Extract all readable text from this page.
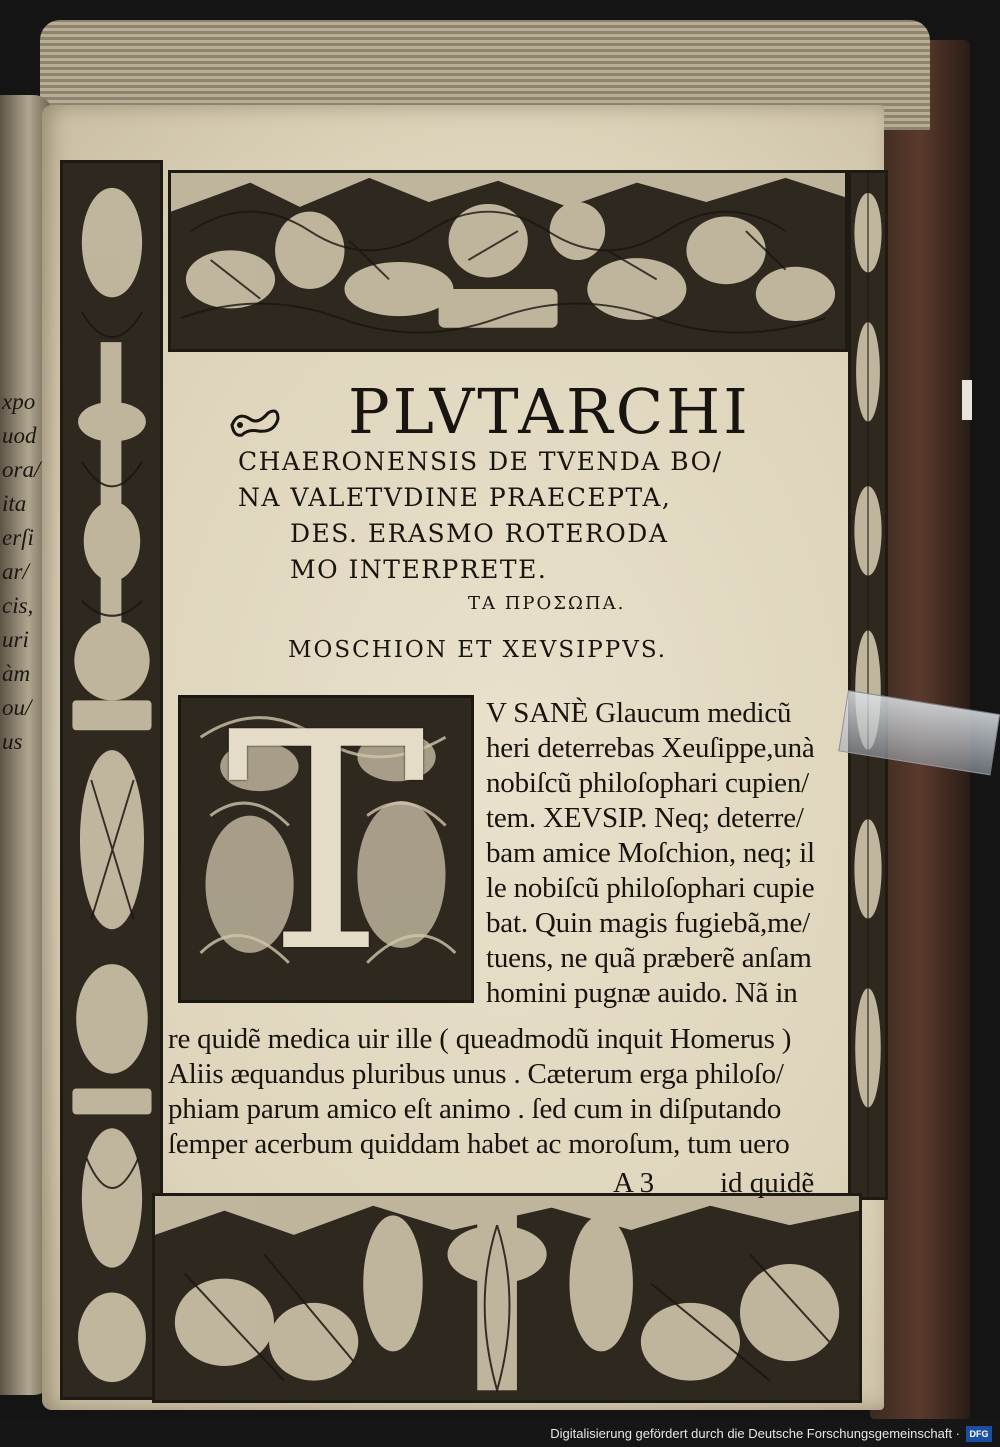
xpo
uod
ora/
ita
erſi
ar/
cis,
uri
àm
ou/
us
PLVTARCHI
CHAERONENSIS DE TVENDA BO/
NA VALETVDINE PRAECEPTA,
DES. ERASMO ROTERODA
MO INTERPRETE.
ΤΑ ΠΡΟΣΩΠΑ.
MOSCHION ET XEVSIPPVS.
T	V SANÈ Glaucum medicũ
heri deterrebas Xeuſippe,unà
nobiſcũ philoſophari cupien/
tem. XEVSIP. Neq; deterre/
bam amice Moſchion, neq; il
le nobiſcũ philoſophari cupie
bat. Quin magis fugiebã,me/
tuens, ne quã præberẽ anſam
homini pugnæ auido. Nã in
re quidẽ medica uir ille ( queadmodũ inquit Homerus )
Aliis æquandus pluribus unus . Cæterum erga philoſo/
phiam parum amico eſt animo . ſed cum in diſputando
ſemper acerbum quiddam habet ac moroſum, tum uero
A 3 id quidẽ
Digitalisierung gefördert durch die Deutsche Forschungsgemeinschaft ·	DFG
